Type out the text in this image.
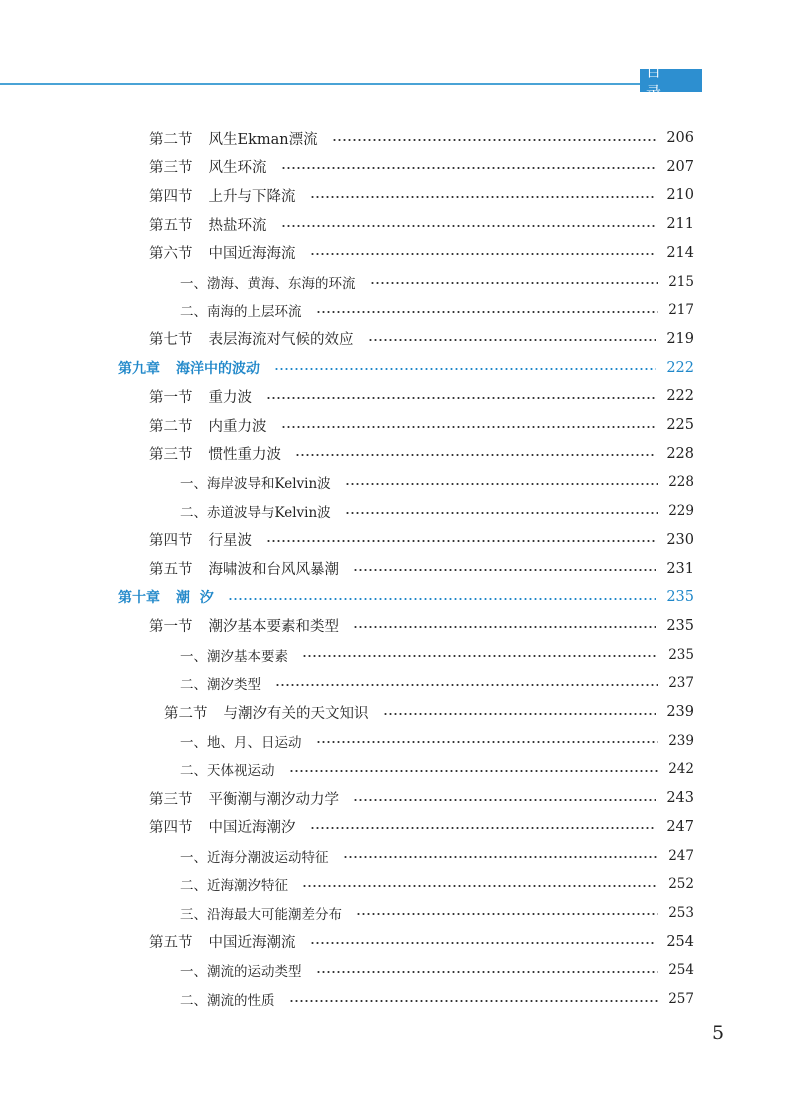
目 录
第二节 风生Ekman漂流	206
第三节 风生环流	207
第四节 上升与下降流	210
第五节 热盐环流	211
第六节 中国近海海流	214
一、 渤海、黄海、东海的环流	215
二、 南海的上层环流	217
第七节 表层海流对气候的效应	219
第九章 海洋中的波动	222
第一节 重力波	222
第二节 内重力波	225
第三节 惯性重力波	228
一、 海岸波导和Kelvin波	228
二、 赤道波导与Kelvin波	229
第四节 行星波	230
第五节 海啸波和台风风暴潮	231
第十章 潮  汐	235
第一节 潮汐基本要素和类型	235
一、 潮汐基本要素	235
二、 潮汐类型	237
第二节 与潮汐有关的天文知识	239
一、 地、月、日运动	239
二、 天体视运动	242
第三节 平衡潮与潮汐动力学	243
第四节 中国近海潮汐	247
一、 近海分潮波运动特征	247
二、 近海潮汐特征	252
三、 沿海最大可能潮差分布	253
第五节 中国近海潮流	254
一、 潮流的运动类型	254
二、 潮流的性质	257
5
